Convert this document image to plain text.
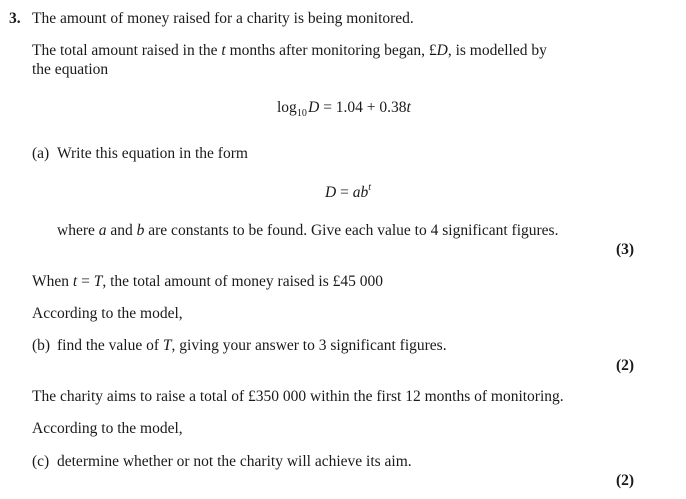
3. The amount of money raised for a charity is being monitored.
The total amount raised in the t months after monitoring began, £D, is modelled by
the equation
$\log_{10}$ D = 1.04 + 0.38t
(a) Write this equation in the form
$D = ab^t$
where a and b are constants to be found. Give each value to 4 significant figures.
(3)
When t = T, the total amount of money raised is £45 000
According to the model,
(b) find the value of T, giving your answer to 3 significant figures.
(2)
The charity aims to raise a total of £350 000 within the first 12 months of monitoring.
According to the model,
(c) determine whether or not the charity will achieve its aim.
(2)
